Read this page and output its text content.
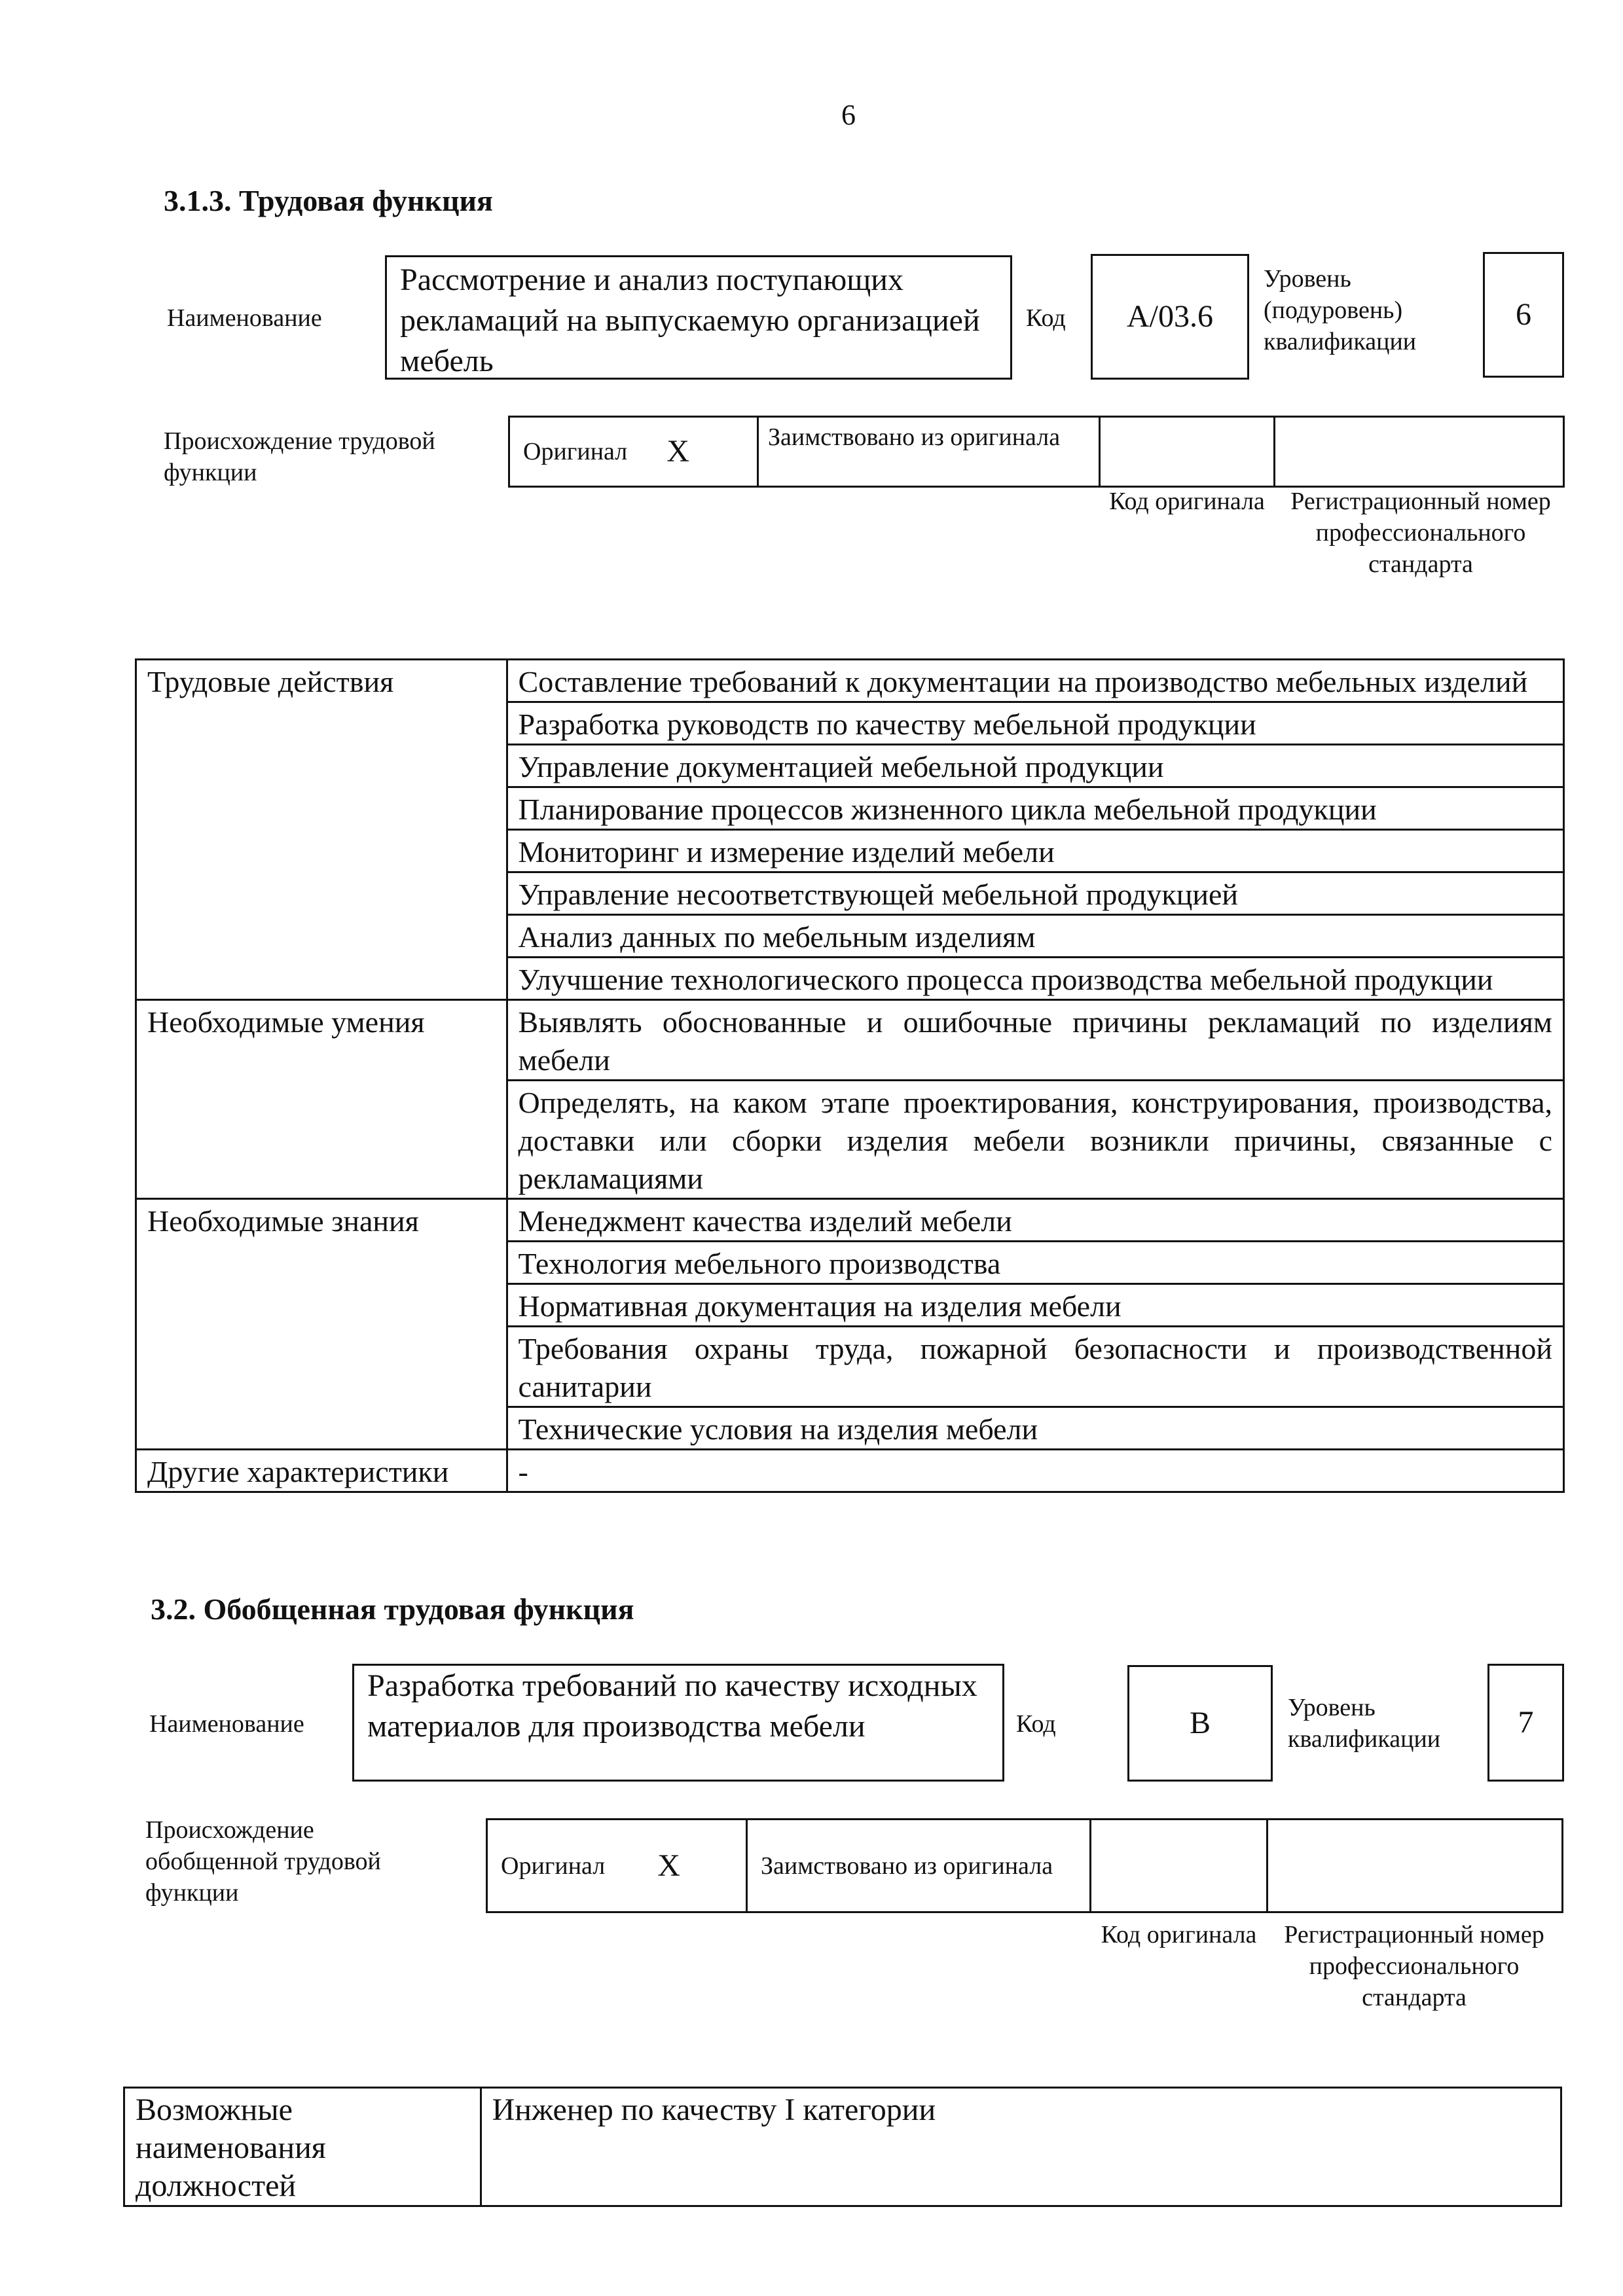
6
3.1.3. Трудовая функция
Наименование
Рассмотрение и анализ поступающих рекламаций на выпускаемую организацией мебель
Код А/03.6
Уровень (подуровень) квалификации
6
Происхождение трудовой функции
Оригинал X	Заимствовано из оригинала
Код оригинала	Регистрационный номер профессионального стандарта
Трудовые действия	Составление требований к документации на производство мебельных изделий
	Разработка руководств по качеству мебельной продукции
	Управление документацией мебельной продукции
	Планирование процессов жизненного цикла мебельной продукции
	Мониторинг и измерение изделий мебели
	Управление несоответствующей мебельной продукцией
	Анализ данных по мебельным изделиям
	Улучшение технологического процесса производства мебельной продукции
Необходимые умения	Выявлять обоснованные и ошибочные причины рекламаций по изделиям мебели
	Определять, на каком этапе проектирования, конструирования, производства, доставки или сборки изделия мебели возникли причины, связанные с рекламациями
Необходимые знания	Менеджмент качества изделий мебели
	Технология мебельного производства
	Нормативная документация на изделия мебели
	Требования охраны труда, пожарной безопасности и производственной санитарии
	Технические условия на изделия мебели
Другие характеристики	-
3.2. Обобщенная трудовая функция
Наименование
Разработка требований по качеству исходных материалов для производства мебели	Код	В	Уровень квалификации	7
Происхождение обобщенной трудовой функции
Оригинал X	Заимствовано из оригинала
Код оригинала	Регистрационный номер профессионального стандарта
Возможные наименования должностей	Инженер по качеству I категории
